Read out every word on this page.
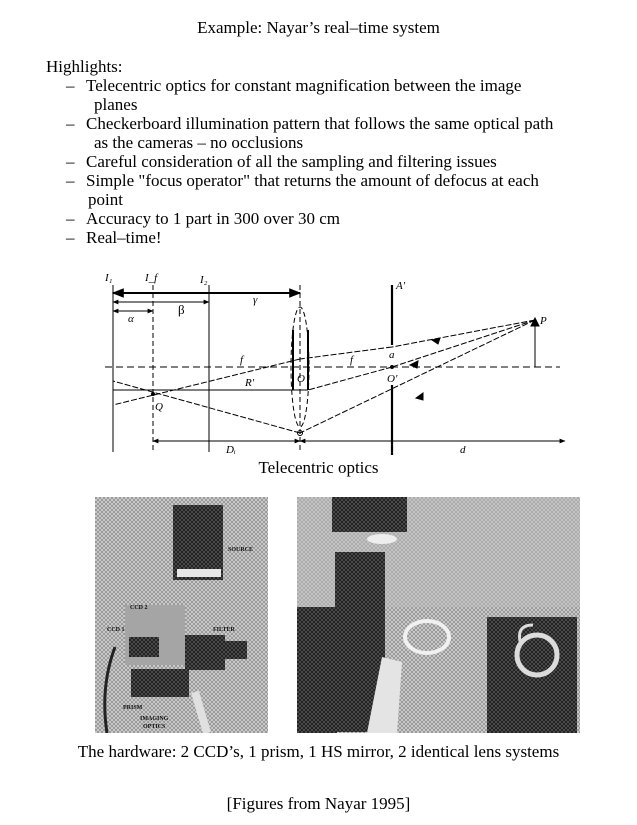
Example: Nayar’s real–time system
Highlights:
– Telecentric optics for constant magnification between the image
planes
– Checkerboard illumination pattern that follows the same optical path
as the cameras – no occlusions
– Careful consideration of all the sampling and filtering issues
– Simple "focus operator" that returns the amount of defocus at each
point
– Accuracy to 1 part in 300 over 30 cm
– Real–time!
I₁	I_f	I₂
α
β
γ
f	f
O	O'
Q
R'
A'
P
a
Dᵢ	d
Telecentric optics
SOURCE
CCD 2
CCD 1	FILTER
PRISM
IMAGING
OPTICS
The hardware: 2 CCD’s, 1 prism, 1 HS mirror, 2 identical lens systems
[Figures from Nayar 1995]
